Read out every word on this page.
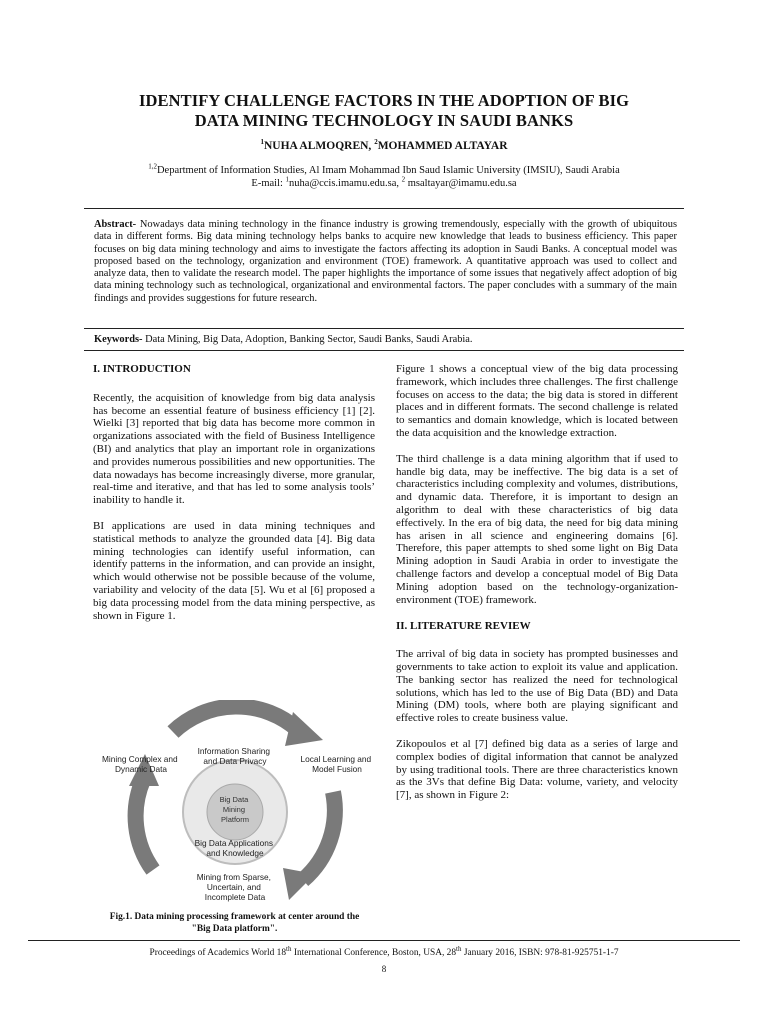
IDENTIFY CHALLENGE FACTORS IN THE ADOPTION OF BIG
DATA MINING TECHNOLOGY IN SAUDI BANKS
$^1$NUHA ALMOQREN, $^2$MOHAMMED ALTAYAR
$^{1,2}$Department of Information Studies, Al Imam Mohammad Ibn Saud Islamic University (IMSIU), Saudi Arabia
E-mail: $^1$nuha@ccis.imamu.edu.sa, $^2$ msaltayar@imamu.edu.sa
Abstract- Nowadays data mining technology in the finance industry is growing tremendously, especially with the growth of ubiquitous data in different forms. Big data mining technology helps banks to acquire new knowledge that leads to business efficiency. This paper focuses on big data mining technology and aims to investigate the factors affecting its adoption in Saudi Banks. A conceptual model was proposed based on the technology, organization and environment (TOE) framework. A quantitative approach was used to collect and analyze data, then to validate the research model. The paper highlights the importance of some issues that negatively affect adoption of big data mining technology such as technological, organizational and environmental factors. The paper concludes with a summary of the main findings and provides suggestions for future research.
Keywords- Data Mining, Big Data, Adoption, Banking Sector, Saudi Banks, Saudi Arabia.

I. INTRODUCTION

Recently, the acquisition of knowledge from big data analysis has become an essential feature of business efficiency [1] [2]. Wielki [3] reported that big data has become more common in organizations associated with the field of Business Intelligence (BI) and analytics that play an important role in organizations and provides numerous possibilities and new opportunities. The data nowadays has become increasingly diverse, more granular, real-time and iterative, and that has led to some analysis tools’ inability to handle it.

BI applications are used in data mining techniques and statistical methods to analyze the grounded data [4]. Big data mining technologies can identify useful information, can identify patterns in the information, and can provide an insight, which would otherwise not be possible because of the volume, variability and velocity of the data [5]. Wu et al [6] proposed a big data processing model from the data mining perspective, as shown in Figure 1.

Information Sharing and Data Privacy
Mining Complex and Dynamic Data
Local Learning and Model Fusion
Big Data Mining Platform
Big Data Applications and Knowledge
Mining from Sparse, Uncertain, and Incomplete Data
Fig.1. Data mining processing framework at center around the
"Big Data platform".

Figure 1 shows a conceptual view of the big data processing framework, which includes three challenges. The first challenge focuses on access to the data; the big data is stored in different places and in different formats. The second challenge is related to semantics and domain knowledge, which is located between the data acquisition and the knowledge extraction.

The third challenge is a data mining algorithm that if used to handle big data, may be ineffective. The big data is a set of characteristics including complexity and volumes, distributions, and dynamic data. Therefore, it is important to design an algorithm to deal with these characteristics of big data effectively. In the era of big data, the need for big data mining has arisen in all science and engineering domains [6]. Therefore, this paper attempts to shed some light on Big Data Mining adoption in Saudi Arabia in order to investigate the challenge factors and develop a conceptual model of Big Data Mining adoption based on the technology-organization-environment (TOE) framework.

II. LITERATURE REVIEW

The arrival of big data in society has prompted businesses and governments to take action to exploit its value and application. The banking sector has realized the need for technological solutions, which has led to the use of Big Data (BD) and Data Mining (DM) tools, where both are playing significant and effective roles to create business value.

Zikopoulos et al [7] defined big data as a series of large and complex bodies of digital information that cannot be analyzed by using traditional tools. There are three characteristics known as the 3Vs that define Big Data: volume, variety, and velocity [7], as shown in Figure 2:

Proceedings of Academics World 18th International Conference, Boston, USA, 28th January 2016, ISBN: 978-81-925751-1-7
8
